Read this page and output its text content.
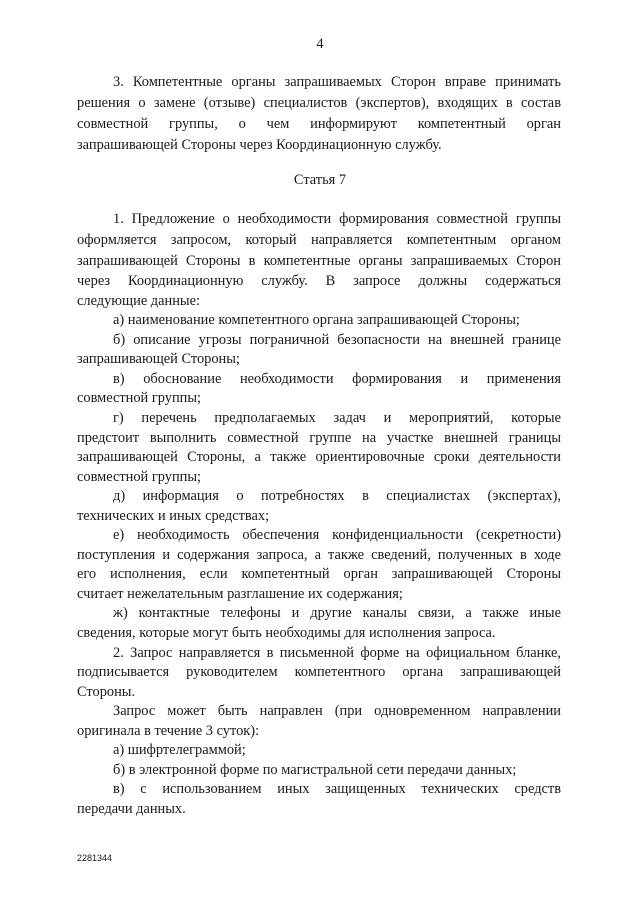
4
3. Компетентные органы запрашиваемых Сторон вправе принимать
решения о замене (отзыве) специалистов (экспертов), входящих в состав
совместной группы, о чем информируют компетентный орган
запрашивающей Стороны через Координационную службу.
Статья 7
1. Предложение о необходимости формирования совместной группы
оформляется запросом, который направляется компетентным органом
запрашивающей Стороны в компетентные органы запрашиваемых Сторон
через Координационную службу. В запросе должны содержаться
следующие данные:
а) наименование компетентного органа запрашивающей Стороны;
б) описание угрозы пограничной безопасности на внешней границе
запрашивающей Стороны;
в) обоснование необходимости формирования и применения
совместной группы;
г) перечень предполагаемых задач и мероприятий, которые
предстоит выполнить совместной группе на участке внешней границы
запрашивающей Стороны, а также ориентировочные сроки деятельности
совместной группы;
д) информация о потребностях в специалистах (экспертах),
технических и иных средствах;
е) необходимость обеспечения конфиденциальности (секретности)
поступления и содержания запроса, а также сведений, полученных в ходе
его исполнения, если компетентный орган запрашивающей Стороны
считает нежелательным разглашение их содержания;
ж) контактные телефоны и другие каналы связи, а также иные
сведения, которые могут быть необходимы для исполнения запроса.
2. Запрос направляется в письменной форме на официальном бланке,
подписывается руководителем компетентного органа запрашивающей
Стороны.
Запрос может быть направлен (при одновременном направлении
оригинала в течение 3 суток):
а) шифртелеграммой;
б) в электронной форме по магистральной сети передачи данных;
в) с использованием иных защищенных технических средств
передачи данных.
2281344
